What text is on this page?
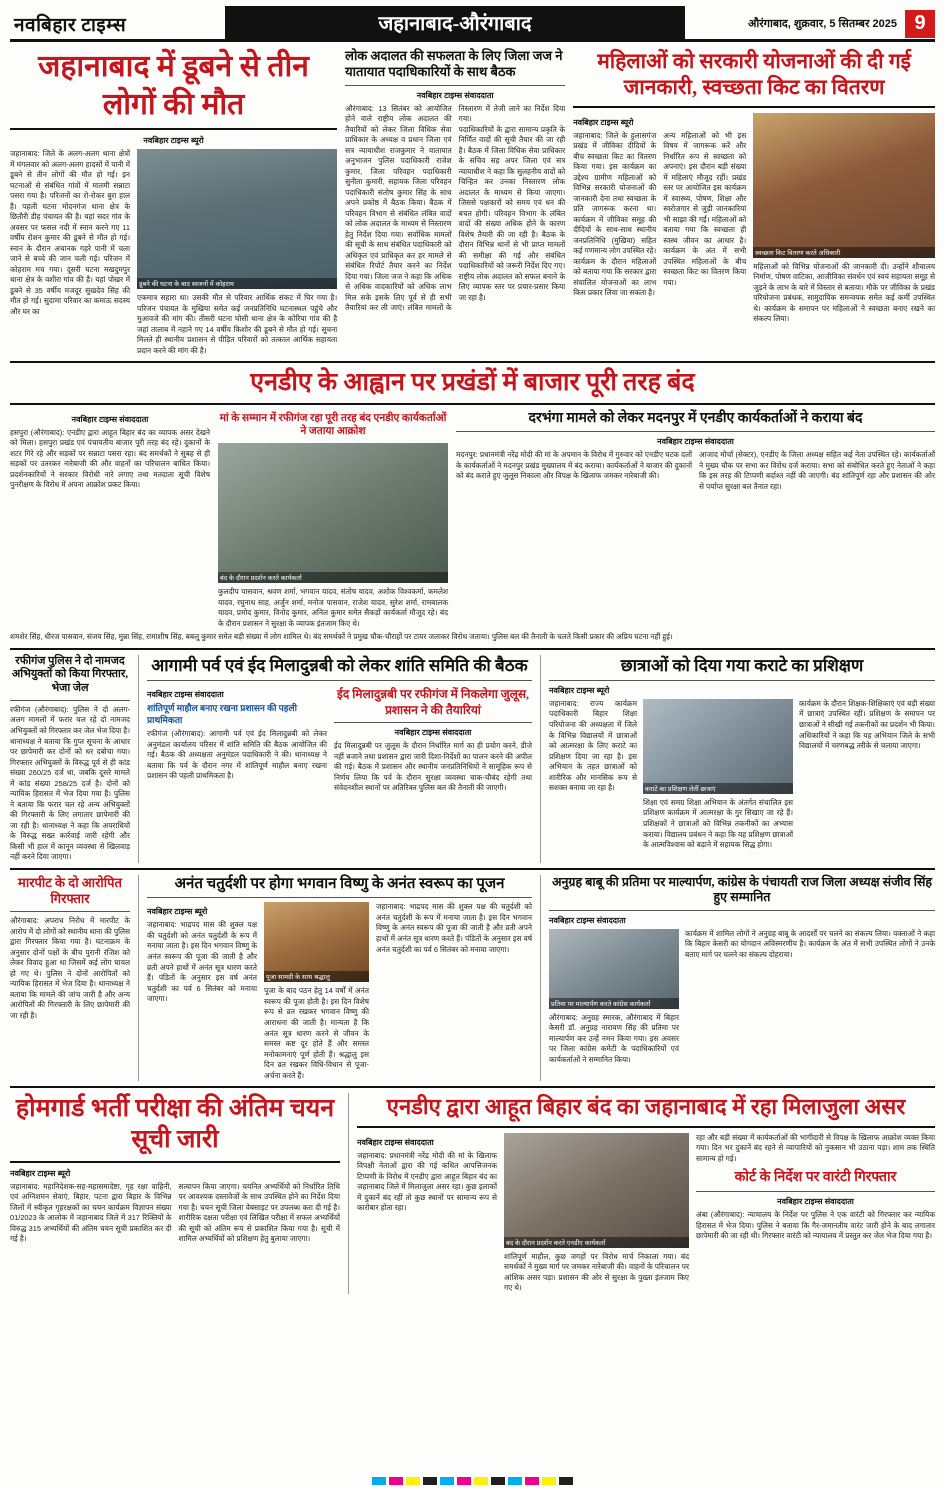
नवबिहार टाइम्स	जहानाबाद-औरंगाबाद	औरंगाबाद, शुक्रवार, 5 सितम्बर 2025 9
जहानाबाद में डूबने से तीन लोगों की मौत
नवबिहार टाइम्स ब्यूरो
जहानाबाद: जिले के अलग-अलग थाना क्षेत्रों में मंगलवार को अलग-अलग हादसों में पानी में डूबने से तीन लोगों की मौत हो गई। इन घटनाओं से संबंधित गांवों में मातमी सन्नाटा पसरा गया है। परिजनों का रो-रोकर बुरा हाल है। पहली घटना मोदनगंज थाना क्षेत्र के छितौरी डीह पंचायत की है। यहां सदर गांव के अवसर पर फसल नदी में स्नान करने गए 11 वर्षीय रोशन कुमार की डूबने से मौत हो गई। स्नान के दौरान अचानक गहरे पानी में चला जाने से बच्चे की जान चली गई। परिजन में कोहराम मच गया। दूसरी घटना मखदुमपुर थाना क्षेत्र के वशीरा गांव की है। यहां पोखर में डूबने से 35 वर्षीय मजदूर सुखदेव सिंह की मौत हो गई। सुदामा परिवार का कमाऊ सदस्य और घर का
डूबने की घटना के बाद स्वजनों में कोहराम
एकमात्र सहारा था। उसकी मौत से परिवार आर्थिक संकट में घिर गया है। परिजन पंचायत के मुखिया समेत कई जनप्रतिनिधि घटनास्थल पहुंचे और मुआवजे की मांग की। तीसरी घटना घोसी थाना क्षेत्र के कोरिया गांव की है जहां तालाब में नहाने गए 14 वर्षीय किशोर की डूबने से मौत हो गई। सूचना मिलते ही स्थानीय प्रशासन से पीड़ित परिवारों को तत्काल आर्थिक सहायता प्रदान करने की मांग की है।
लोक अदालत की सफलता के लिए जिला जज ने यातायात पदाधिकारियों के साथ बैठक
नवबिहार टाइम्स संवाददाता
औरंगाबाद: 13 सितंबर को आयोजित होने वाले राष्ट्रीय लोक अदालत की तैयारियों को लेकर जिला विधिक सेवा प्राधिकार के अध्यक्ष व प्रधान जिला एवं सत्र न्यायाधीश राजकुमार ने यातायात अनुभाजन पुलिस पदाधिकारी राजेश कुमार, जिला परिवहन पदाधिकारी सुनीता कुमारी, सहायक जिला परिवहन पदाधिकारी संतोष कुमार सिंह के साथ अपने प्रकोष्ठ में बैठक किया। बैठक में परिवहन विभाग से संबंधित लंबित वादों को लोक अदालत के माध्यम से निस्तारण हेतु निर्देश दिया गया। सर्वाधिक मामलों की सूची के साथ संबंधित पदाधिकारी को अधिकृत एवं प्राधिकृत कर हर मामले से संबंधित रिपोर्ट तैयार करने का निर्देश दिया गया। जिला जज ने कहा कि अधिक से अधिक वादकारियों को अधिक लाभ मिल सके इसके लिए पूर्व से ही सभी तैयारियां कर ली जाएं। लंबित मामलों के निस्तारण में तेजी लाने का निर्देश दिया गया।
पदाधिकारियों के द्वारा सामान्य प्रकृति के निर्णित वादों की सूची तैयार की जा रही है। बैठक में जिला विधिक सेवा प्राधिकार के सचिव सह अपर जिला एवं सत्र न्यायाधीश ने कहा कि सुलहनीय वादों को चिन्हित कर उनका निस्तारण लोक अदालत के माध्यम से किया जाएगा। जिससे पक्षकारों को समय एवं धन की बचत होगी। परिवहन विभाग के लंबित वादों की संख्या अधिक होने के कारण विशेष तैयारी की जा रही है। बैठक के दौरान विभिन्न थानों से भी प्राप्त मामलों की समीक्षा की गई और संबंधित पदाधिकारियों को जरूरी निर्देश दिए गए। राष्ट्रीय लोक अदालत को सफल बनाने के लिए व्यापक स्तर पर प्रचार-प्रसार किया जा रहा है।
महिलाओं को सरकारी योजनाओं की दी गई जानकारी, स्वच्छता किट का वितरण
नवबिहार टाइम्स ब्यूरो
जहानाबाद: जिले के हुलासगंज प्रखंड में जीविका दीदियों के बीच स्वच्छता किट का वितरण किया गया। इस कार्यक्रम का उद्देश्य ग्रामीण महिलाओं को विभिन्न सरकारी योजनाओं की जानकारी देना तथा स्वच्छता के प्रति जागरूक करना था। कार्यक्रम में जीविका समूह की दीदियों के साथ-साथ स्थानीय जनप्रतिनिधि (मुखिया) सहित कई गणमान्य लोग उपस्थित रहे। कार्यक्रम के दौरान महिलाओं को बताया गया कि सरकार द्वारा संचालित योजनाओं का लाभ किस प्रकार लिया जा सकता है।
अन्य महिलाओं को भी इस विषय में जागरूक करें और निर्धारित रूप से स्वच्छता को अपनाएं। इस दौरान बड़ी संख्या में महिलाएं मौजूद रहीं। प्रखंड स्तर पर आयोजित इस कार्यक्रम में स्वास्थ्य, पोषण, शिक्षा और स्वरोजगार से जुड़ी जानकारियां भी साझा की गईं। महिलाओं को बताया गया कि स्वच्छता ही स्वस्थ जीवन का आधार है। कार्यक्रम के अंत में सभी उपस्थित महिलाओं के बीच स्वच्छता किट का वितरण किया गया।
स्वच्छता किट वितरण करते अधिकारी
महिलाओं को विभिन्न योजनाओं की जानकारी दी। उन्होंने शौचालय निर्माण, पोषण वाटिका, आजीविका संवर्धन एवं स्वयं सहायता समूह से जुड़ने के लाभ के बारे में विस्तार से बताया। मौके पर जीविका के प्रखंड परियोजना प्रबंधक, सामुदायिक समन्वयक समेत कई कर्मी उपस्थित थे। कार्यक्रम के समापन पर महिलाओं ने स्वच्छता बनाए रखने का संकल्प लिया।
एनडीए के आह्वान पर प्रखंडों में बाजार पूरी तरह बंद
नवबिहार टाइम्स संवाददाता
हसपुरा (औरंगाबाद): एनडीए द्वारा आहूत बिहार बंद का व्यापक असर देखने को मिला। हसपुरा प्रखंड एवं पंचायतीय बाजार पूरी तरह बंद रहे। दुकानों के शटर गिरे रहे और सड़कों पर सन्नाटा पसरा रहा। बंद समर्थकों ने सुबह से ही सड़कों पर उतरकर नारेबाजी की और वाहनों का परिचालन बाधित किया। प्रदर्शनकारियों ने सरकार विरोधी नारे लगाए तथा मतदाता सूची विशेष पुनरीक्षण के विरोध में अपना आक्रोश प्रकट किया।
मां के सम्मान में रफीगंज रहा पूरी तरह बंद एनडीए कार्यकर्ताओं ने जताया आक्रोश
बंद के दौरान प्रदर्शन करते कार्यकर्ता
कुलदीप पासवान, श्रवण शर्मा, भगवान यादव, संतोष यादव, अशोक विश्वकर्मा, कमलेश यादव, रघुनाथ साह, अर्जुन शर्मा, मनोज पासवान, राजेश यादव, सुरेश शर्मा, रामबालक यादव, प्रमोद कुमार, विनोद कुमार, अनिल कुमार समेत सैकड़ों कार्यकर्ता मौजूद रहे। बंद के दौरान प्रशासन ने सुरक्षा के व्यापक इंतजाम किए थे।
दरभंगा मामले को लेकर मदनपुर में एनडीए कार्यकर्ताओं ने कराया बंद
नवबिहार टाइम्स संवाददाता
मदनपुर: प्रधानमंत्री नरेंद्र मोदी की मां के अपमान के विरोध में गुरुवार को एनडीए घटक दलों के कार्यकर्ताओं ने मदनपुर प्रखंड मुख्यालय में बंद कराया। कार्यकर्ताओं ने बाजार की दुकानों को बंद कराते हुए जुलूस निकाला और विपक्ष के खिलाफ जमकर नारेबाजी की।
आजाद मोर्चा (सेक्टर), एनडीए के जिला अध्यक्ष सहित कई नेता उपस्थित रहे। कार्यकर्ताओं ने मुख्य चौक पर सभा कर विरोध दर्ज कराया। सभा को संबोधित करते हुए नेताओं ने कहा कि इस तरह की टिप्पणी बर्दाश्त नहीं की जाएगी। बंद शांतिपूर्ण रहा और प्रशासन की ओर से पर्याप्त सुरक्षा बल तैनात रहा।
शमशेर सिंह, धीरज पासवान, संजय सिंह, मुन्ना सिंह, रामाशीष सिंह, बबलू कुमार समेत बड़ी संख्या में लोग शामिल थे। बंद समर्थकों ने प्रमुख चौक-चौराहों पर टायर जलाकर विरोध जताया। पुलिस बल की तैनाती के चलते किसी प्रकार की अप्रिय घटना नहीं हुई।
रफीगंज पुलिस ने दो नामजद अभियुक्तों को किया गिरफ्तार, भेजा जेल
रफीगंज (औरंगाबाद): पुलिस ने दो अलग-अलग मामलों में फरार चल रहे दो नामजद अभियुक्तों को गिरफ्तार कर जेल भेज दिया है। थानाध्यक्ष ने बताया कि गुप्त सूचना के आधार पर छापेमारी कर दोनों को धर दबोचा गया। गिरफ्तार अभियुक्तों के विरुद्ध पूर्व से ही कांड संख्या 260/25 दर्ज था, जबकि दूसरे मामले में कांड संख्या 258/25 दर्ज है। दोनों को न्यायिक हिरासत में भेज दिया गया है। पुलिस ने बताया कि फरार चल रहे अन्य अभियुक्तों की गिरफ्तारी के लिए लगातार छापेमारी की जा रही है। थानाध्यक्ष ने कहा कि अपराधियों के विरुद्ध सख्त कार्रवाई जारी रहेगी और किसी भी हाल में कानून व्यवस्था से खिलवाड़ नहीं करने दिया जाएगा।
आगामी पर्व एवं ईद मिलादुन्नबी को लेकर शांति समिति की बैठक
नवबिहार टाइम्स संवाददाता
शांतिपूर्ण माहौल बनाए रखना प्रशासन की पहली प्राथमिकता
रफीगंज (औरंगाबाद): आगामी पर्व एवं ईद मिलादुन्नबी को लेकर अनुमंडल कार्यालय परिसर में शांति समिति की बैठक आयोजित की गई। बैठक की अध्यक्षता अनुमंडल पदाधिकारी ने की। थानाध्यक्ष ने बताया कि पर्व के दौरान नगर में शांतिपूर्ण माहौल बनाए रखना प्रशासन की पहली प्राथमिकता है।
ईद मिलादुन्नबी पर रफीगंज में निकलेगा जुलूस, प्रशासन ने की तैयारियां
नवबिहार टाइम्स संवाददाता
ईद मिलादुन्नबी पर जुलूस के दौरान निर्धारित मार्ग का ही प्रयोग करने, डीजे नहीं बजाने तथा प्रशासन द्वारा जारी दिशा-निर्देशों का पालन करने की अपील की गई। बैठक में प्रशासन और स्थानीय जनप्रतिनिधियों ने सामूहिक रूप से निर्णय लिया कि पर्व के दौरान सुरक्षा व्यवस्था चाक-चौबंद रहेगी तथा संवेदनशील स्थानों पर अतिरिक्त पुलिस बल की तैनाती की जाएगी।
छात्राओं को दिया गया कराटे का प्रशिक्षण
नवबिहार टाइम्स ब्यूरो
जहानाबाद: राज्य कार्यक्रम पदाधिकारी बिहार शिक्षा परियोजना की अध्यक्षता में जिले के विभिन्न विद्यालयों में छात्राओं को आत्मरक्षा के लिए कराटे का प्रशिक्षण दिया जा रहा है। इस अभियान के तहत छात्राओं को शारीरिक और मानसिक रूप से सशक्त बनाया जा रहा है।	कराटे का प्रशिक्षण लेतीं छात्राएं
शिक्षा एवं समग्र शिक्षा अभियान के अंतर्गत संचालित इस प्रशिक्षण कार्यक्रम में आत्मरक्षा के गुर सिखाए जा रहे हैं। प्रशिक्षकों ने छात्राओं को विभिन्न तकनीकों का अभ्यास कराया। विद्यालय प्रबंधन ने कहा कि यह प्रशिक्षण छात्राओं के आत्मविश्वास को बढ़ाने में सहायक सिद्ध होगा।
कार्यक्रम के दौरान शिक्षक-शिक्षिकाएं एवं बड़ी संख्या में छात्राएं उपस्थित रहीं। प्रशिक्षण के समापन पर छात्राओं ने सीखी गई तकनीकों का प्रदर्शन भी किया। अधिकारियों ने कहा कि यह अभियान जिले के सभी विद्यालयों में चरणबद्ध तरीके से चलाया जाएगा।
मारपीट के दो आरोपित गिरफ्तार
औरंगाबाद: अपराध निरोध में मारपीट के आरोप में दो लोगों को स्थानीय थाना की पुलिस द्वारा गिरफ्तार किया गया है। घटनाक्रम के अनुसार दोनों पक्षों के बीच पुरानी रंजिश को लेकर विवाद हुआ था जिसमें कई लोग घायल हो गए थे। पुलिस ने दोनों आरोपितों को न्यायिक हिरासत में भेज दिया है। थानाध्यक्ष ने बताया कि मामले की जांच जारी है और अन्य आरोपितों की गिरफ्तारी के लिए छापेमारी की जा रही है।
अनंत चतुर्दशी पर होगा भगवान विष्णु के अनंत स्वरूप का पूजन
नवबिहार टाइम्स ब्यूरो
जहानाबाद: भाद्रपद मास की शुक्ल पक्ष की चतुर्दशी को अनंत चतुर्दशी के रूप में मनाया जाता है। इस दिन भगवान विष्णु के अनंत स्वरूप की पूजा की जाती है और व्रती अपने हाथों में अनंत सूत्र धारण करते हैं। पंडितों के अनुसार इस वर्ष अनंत चतुर्दशी का पर्व 6 सितंबर को मनाया जाएगा।
पूजा सामग्री के साथ श्रद्धालु
पूजा के बाद पठन हेतु 14 वर्षों में अनंत स्वरूप की पूजा होती है। इस दिन विशेष रूप से व्रत रखकर भगवान विष्णु की आराधना की जाती है। मान्यता है कि अनंत सूत्र धारण करने से जीवन के समस्त कष्ट दूर होते हैं और समस्त मनोकामनाएं पूर्ण होती हैं। श्रद्धालु इस दिन व्रत रखकर विधि-विधान से पूजा-अर्चना करते हैं।
जहानाबाद: भाद्रपद मास की शुक्ल पक्ष की चतुर्दशी को अनंत चतुर्दशी के रूप में मनाया जाता है। इस दिन भगवान विष्णु के अनंत स्वरूप की पूजा की जाती है और व्रती अपने हाथों में अनंत सूत्र धारण करते हैं। पंडितों के अनुसार इस वर्ष अनंत चतुर्दशी का पर्व 6 सितंबर को मनाया जाएगा।
अनुग्रह बाबू की प्रतिमा पर माल्यार्पण, कांग्रेस के पंचायती राज जिला अध्यक्ष संजीव सिंह हुए सम्मानित
नवबिहार टाइम्स संवाददाता
प्रतिमा पर माल्यार्पण करते कांग्रेस कार्यकर्ता
औरंगाबाद: अनुग्रह स्मारक, औरंगाबाद में बिहार केसरी डॉ. अनुग्रह नारायण सिंह की प्रतिमा पर माल्यार्पण कर उन्हें नमन किया गया। इस अवसर पर जिला कांग्रेस कमेटी के पदाधिकारियों एवं कार्यकर्ताओं ने सम्मानित किया।
कार्यक्रम में शामिल लोगों ने अनुग्रह बाबू के आदर्शों पर चलने का संकल्प लिया। वक्ताओं ने कहा कि बिहार केसरी का योगदान अविस्मरणीय है। कार्यक्रम के अंत में सभी उपस्थित लोगों ने उनके बताए मार्ग पर चलने का संकल्प दोहराया।
होमगार्ड भर्ती परीक्षा की अंतिम चयन सूची जारी
नवबिहार टाइम्स ब्यूरो
जहानाबाद: महानिदेशक-सह-महासमादेष्टा, गृह रक्षा वाहिनी, एवं अग्निशमन सेवाएं, बिहार, पटना द्वारा बिहार के विभिन्न जिलों में स्वीकृत गृहरक्षकों का चयन कार्यक्रम विज्ञापन संख्या 01/2023 के आलोक में जहानाबाद जिले में 317 रिक्तियों के विरुद्ध 315 अभ्यर्थियों की अंतिम चयन सूची प्रकाशित कर दी गई है।
सत्यापन किया जाएगा। चयनित अभ्यर्थियों को निर्धारित तिथि पर आवश्यक दस्तावेजों के साथ उपस्थित होने का निर्देश दिया गया है। चयन सूची जिला वेबसाइट पर उपलब्ध करा दी गई है। शारीरिक दक्षता परीक्षा एवं लिखित परीक्षा में सफल अभ्यर्थियों की सूची को अंतिम रूप से प्रकाशित किया गया है। सूची में शामिल अभ्यर्थियों को प्रशिक्षण हेतु बुलाया जाएगा।
एनडीए द्वारा आहूत बिहार बंद का जहानाबाद में रहा मिलाजुला असर
नवबिहार टाइम्स संवाददाता
जहानाबाद: प्रधानमंत्री नरेंद्र मोदी की मां के खिलाफ विपक्षी नेताओं द्वारा की गई कथित आपत्तिजनक टिप्पणी के विरोध में एनडीए द्वारा आहूत बिहार बंद का जहानाबाद जिले में मिलाजुला असर रहा। कुछ इलाकों में दुकानें बंद रहीं तो कुछ स्थानों पर सामान्य रूप से कारोबार होता रहा।
बंद के दौरान प्रदर्शन करते एनडीए कार्यकर्ता
शांतिपूर्ण माहौल, कुछ जगहों पर विरोध मार्च निकाला गया। बंद समर्थकों ने मुख्य मार्ग पर जमकर नारेबाजी की। वाहनों के परिचालन पर आंशिक असर पड़ा। प्रशासन की ओर से सुरक्षा के पुख्ता इंतजाम किए गए थे।
रहा और बड़ी संख्या में कार्यकर्ताओं की भागीदारी से विपक्ष के खिलाफ आक्रोश व्यक्त किया गया। दिन भर दुकानें बंद रहने से व्यापारियों को नुकसान भी उठाना पड़ा। शाम तक स्थिति सामान्य हो गई।
कोर्ट के निर्देश पर वारंटी गिरफ्तार
नवबिहार टाइम्स संवाददाता
अंबा (औरंगाबाद): न्यायालय के निर्देश पर पुलिस ने एक वारंटी को गिरफ्तार कर न्यायिक हिरासत में भेज दिया। पुलिस ने बताया कि गैर-जमानतीय वारंट जारी होने के बाद लगातार छापेमारी की जा रही थी। गिरफ्तार वारंटी को न्यायालय में प्रस्तुत कर जेल भेज दिया गया है।
